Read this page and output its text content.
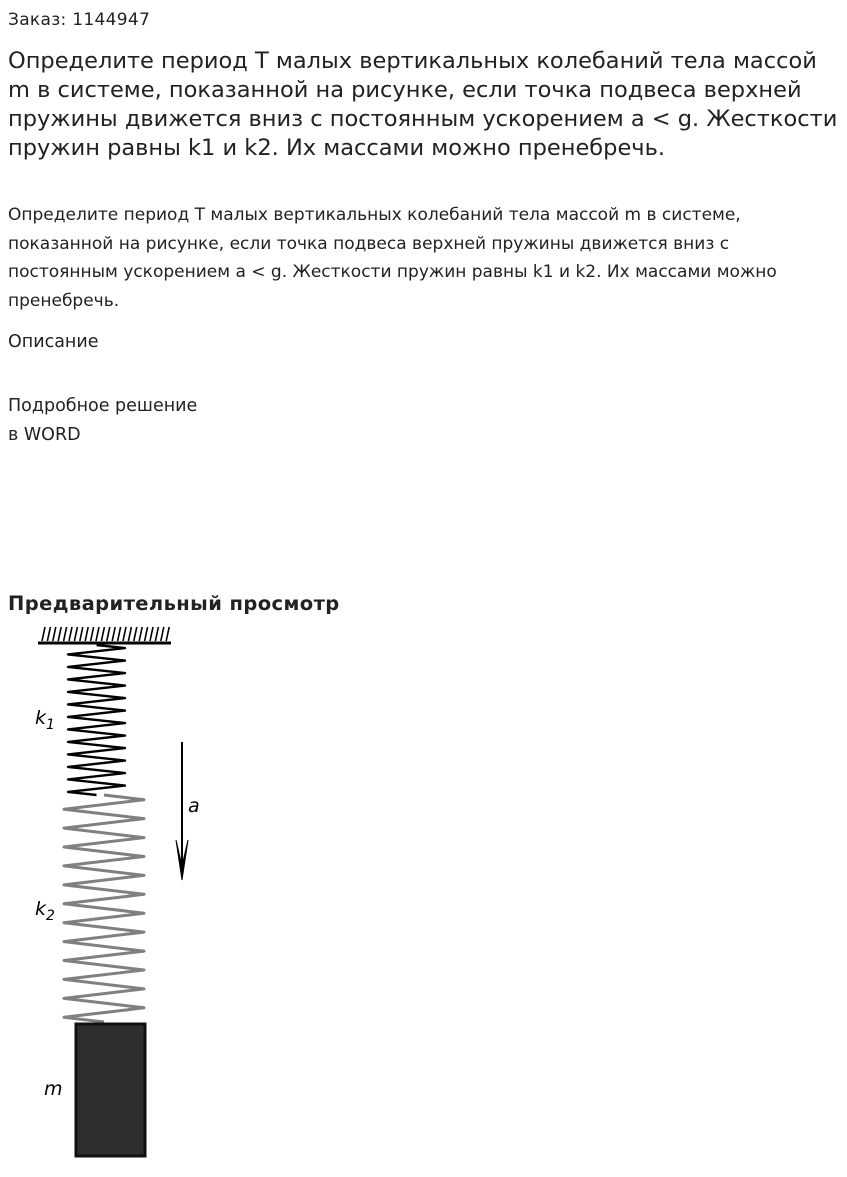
Заказ: 1144947
Определите период T малых вертикальных колебаний тела массой m в системе, показанной на рисунке, если точка подвеса верхней пружины движется вниз с постоянным ускорением a < g. Жесткости пружин равны k1 и k2. Их массами можно пренебречь.

Определите период T малых вертикальных колебаний тела массой m в системе, показанной на рисунке, если точка подвеса верхней пружины движется вниз с постоянным ускорением a < g. Жесткости пружин равны k1 и k2. Их массами можно пренебречь.

Описание
Подробное решение
в WORD
Предварительный просмотр
$k_1$
a
$k_2$
m
